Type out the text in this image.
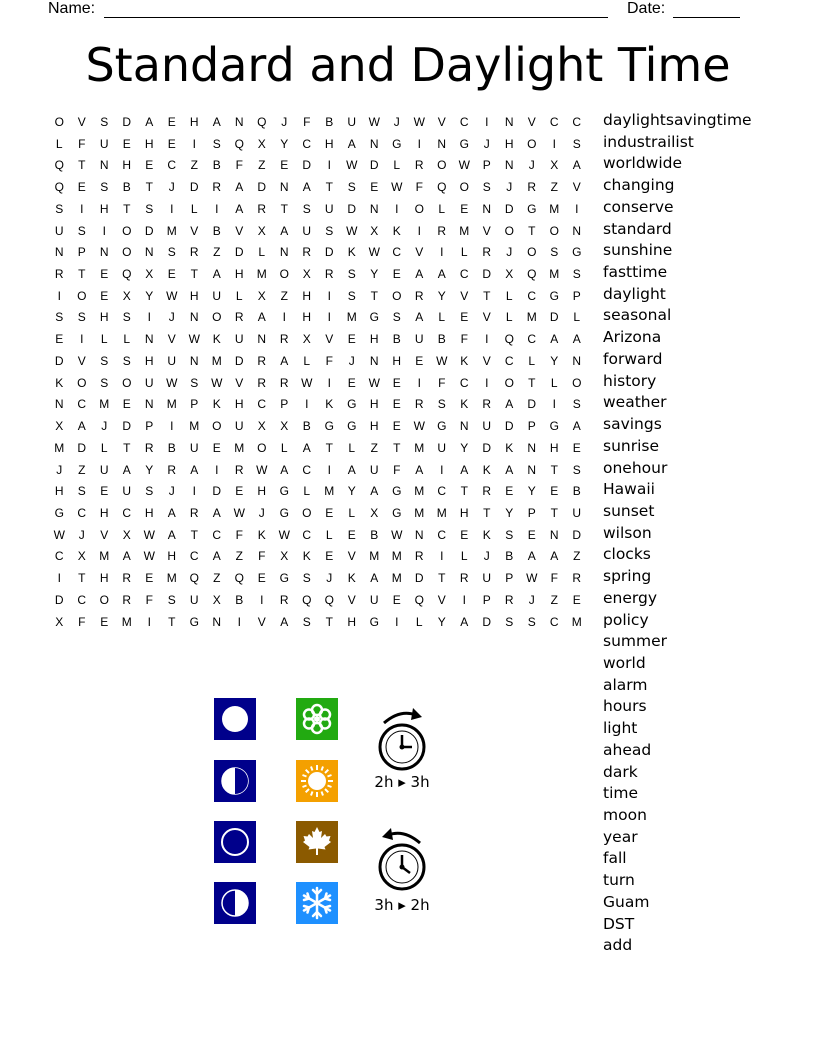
Name:	Date:
Standard and Daylight Time
O	V	S	D	A	E	H	A	N	Q	J	F	B	U	W	J	W	V	C	I	N	V	C	C
L	F	U	E	H	E	I	S	Q	X	Y	C	H	A	N	G	I	N	G	J	H	O	I	S
Q	T	N	H	E	C	Z	B	F	Z	E	D	I	W	D	L	R	O	W	P	N	J	X	A
Q	E	S	B	T	J	D	R	A	D	N	A	T	S	E	W	F	Q	O	S	J	R	Z	V
S	I	H	T	S	I	L	I	A	R	T	S	U	D	N	I	O	L	E	N	D	G	M	I
U	S	I	O	D	M	V	B	V	X	A	U	S	W	X	K	I	R	M	V	O	T	O	N
N	P	N	O	N	S	R	Z	D	L	N	R	D	K	W	C	V	I	L	R	J	O	S	G
R	T	E	Q	X	E	T	A	H	M	O	X	R	S	Y	E	A	A	C	D	X	Q	M	S
I	O	E	X	Y	W	H	U	L	X	Z	H	I	S	T	O	R	Y	V	T	L	C	G	P
S	S	H	S	I	J	N	O	R	A	I	H	I	M	G	S	A	L	E	V	L	M	D	L
E	I	L	L	N	V	W	K	U	N	R	X	V	E	H	B	U	B	F	I	Q	C	A	A
D	V	S	S	H	U	N	M	D	R	A	L	F	J	N	H	E	W	K	V	C	L	Y	N
K	O	S	O	U	W	S	W	V	R	R	W	I	E	W	E	I	F	C	I	O	T	L	O
N	C	M	E	N	M	P	K	H	C	P	I	K	G	H	E	R	S	K	R	A	D	I	S
X	A	J	D	P	I	M	O	U	X	X	B	G	G	H	E	W	G	N	U	D	P	G	A
M	D	L	T	R	B	U	E	M	O	L	A	T	L	Z	T	M	U	Y	D	K	N	H	E
J	Z	U	A	Y	R	A	I	R	W	A	C	I	A	U	F	A	I	A	K	A	N	T	S
H	S	E	U	S	J	I	D	E	H	G	L	M	Y	A	G	M	C	T	R	E	Y	E	B
G	C	H	C	H	A	R	A	W	J	G	O	E	L	X	G	M	M	H	T	Y	P	T	U
W	J	V	X	W	A	T	C	F	K	W	C	L	E	B	W	N	C	E	K	S	E	N	D
C	X	M	A	W	H	C	A	Z	F	X	K	E	V	M	M	R	I	L	J	B	A	A	Z
I	T	H	R	E	M	Q	Z	Q	E	G	S	J	K	A	M	D	T	R	U	P	W	F	R
D	C	O	R	F	S	U	X	B	I	R	Q	Q	V	U	E	Q	V	I	P	R	J	Z	E
X	F	E	M	I	T	G	N	I	V	A	S	T	H	G	I	L	Y	A	D	S	S	C	M
daylightsavingtime
industrailist
worldwide
changing
conserve
standard
sunshine
fasttime
daylight
seasonal
Arizona
forward
history
weather
savings
sunrise
onehour
Hawaii
sunset
wilson
clocks
spring
energy
policy
summer
world
alarm
hours
light
ahead
dark
time
moon
year
fall
turn
Guam
DST
add
2h ▸ 3h
3h ▸ 2h
